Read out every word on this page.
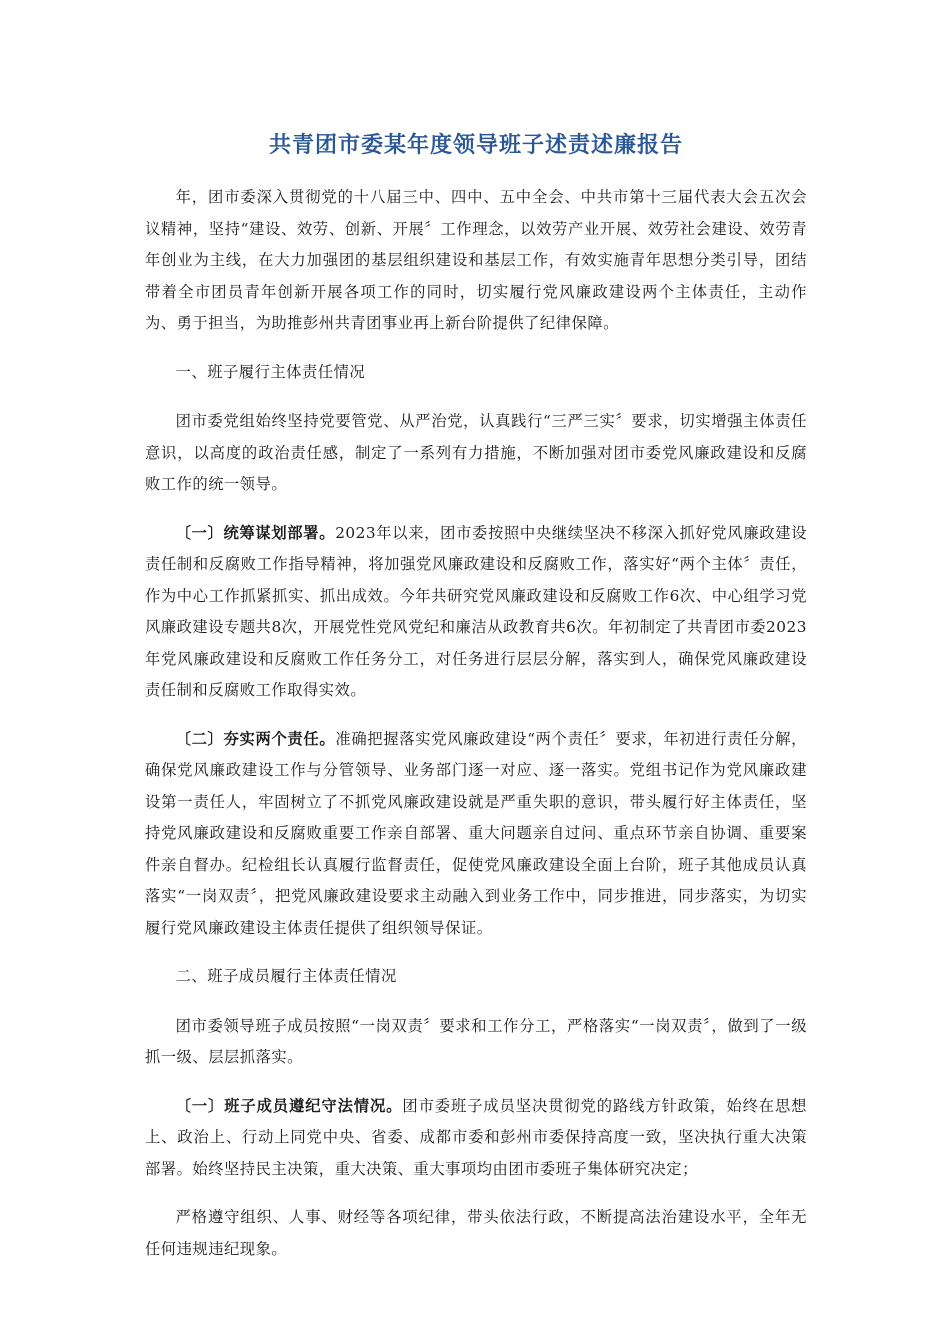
共青团市委某年度领导班子述责述廉报告

年，团市委深入贯彻党的十八届三中、四中、五中全会、中共市第十三届代表大会五次会议精神，坚持“建设、效劳、创新、开展〞工作理念，以效劳产业开展、效劳社会建设、效劳青年创业为主线，在大力加强团的基层组织建设和基层工作，有效实施青年思想分类引导，团结带着全市团员青年创新开展各项工作的同时，切实履行党风廉政建设两个主体责任，主动作为、勇于担当，为助推彭州共青团事业再上新台阶提供了纪律保障。

一、班子履行主体责任情况

团市委党组始终坚持党要管党、从严治党，认真践行“三严三实〞要求，切实增强主体责任意识，以高度的政治责任感，制定了一系列有力措施，不断加强对团市委党风廉政建设和反腐败工作的统一领导。

〔一〕统筹谋划部署。2023年以来，团市委按照中央继续坚决不移深入抓好党风廉政建设责任制和反腐败工作指导精神，将加强党风廉政建设和反腐败工作，落实好“两个主体〞责任，作为中心工作抓紧抓实、抓出成效。今年共研究党风廉政建设和反腐败工作6次、中心组学习党风廉政建设专题共8次，开展党性党风党纪和廉洁从政教育共6次。年初制定了共青团市委2023年党风廉政建设和反腐败工作任务分工，对任务进行层层分解，落实到人，确保党风廉政建设责任制和反腐败工作取得实效。

〔二〕夯实两个责任。准确把握落实党风廉政建设“两个责任〞要求，年初进行责任分解，确保党风廉政建设工作与分管领导、业务部门逐一对应、逐一落实。党组书记作为党风廉政建设第一责任人，牢固树立了不抓党风廉政建设就是严重失职的意识，带头履行好主体责任，坚持党风廉政建设和反腐败重要工作亲自部署、重大问题亲自过问、重点环节亲自协调、重要案件亲自督办。纪检组长认真履行监督责任，促使党风廉政建设全面上台阶，班子其他成员认真落实“一岗双责〞，把党风廉政建设要求主动融入到业务工作中，同步推进，同步落实，为切实履行党风廉政建设主体责任提供了组织领导保证。

二、班子成员履行主体责任情况

团市委领导班子成员按照“一岗双责〞要求和工作分工，严格落实“一岗双责〞，做到了一级抓一级、层层抓落实。

〔一〕班子成员遵纪守法情况。团市委班子成员坚决贯彻党的路线方针政策，始终在思想上、政治上、行动上同党中央、省委、成都市委和彭州市委保持高度一致，坚决执行重大决策部署。始终坚持民主决策，重大决策、重大事项均由团市委班子集体研究决定；

严格遵守组织、人事、财经等各项纪律，带头依法行政，不断提高法治建设水平，全年无任何违规违纪现象。
